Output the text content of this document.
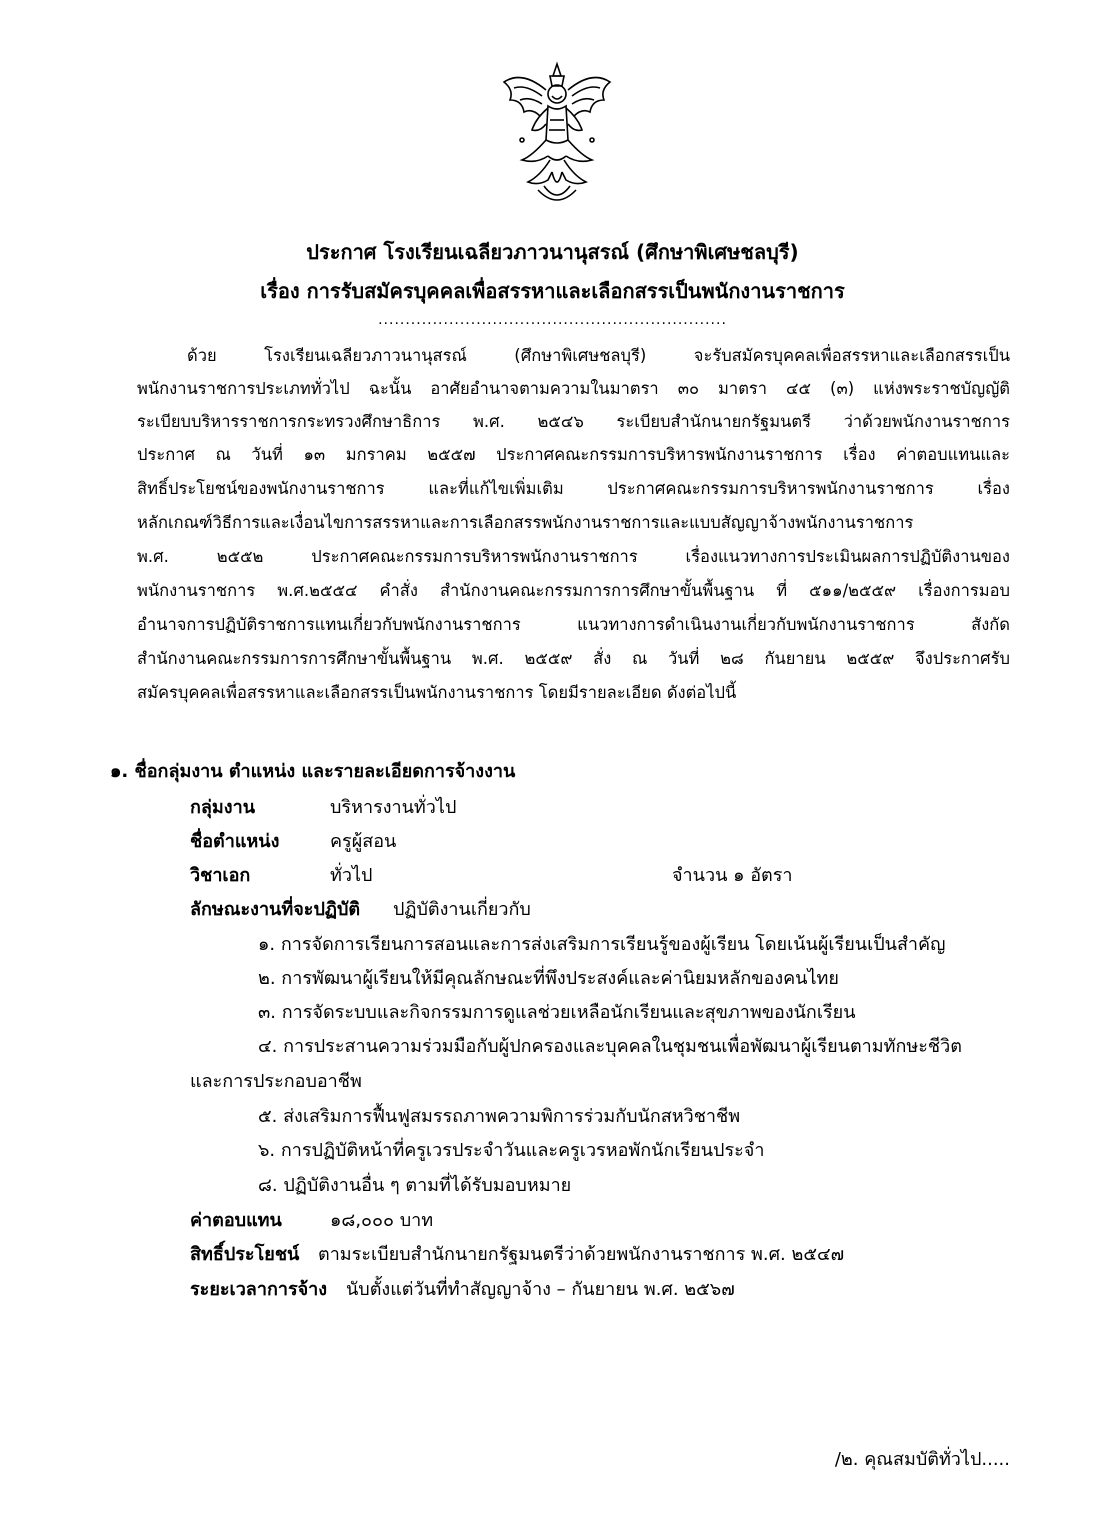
ประกาศ โรงเรียนเฉลียวภาวนานุสรณ์ (ศึกษาพิเศษชลบุรี)
เรื่อง การรับสมัครบุคคลเพื่อสรรหาและเลือกสรรเป็นพนักงานราชการ
................................................................
ด้วย โรงเรียนเฉลียวภาวนานุสรณ์ (ศึกษาพิเศษชลบุรี) จะรับสมัครบุคคลเพื่อสรรหาและเลือกสรรเป็น
พนักงานราชการประเภททั่วไป ฉะนั้น อาศัยอำนาจตามความในมาตรา ๓๐ มาตรา ๔๕ (๓) แห่งพระราชบัญญัติ
ระเบียบบริหารราชการกระทรวงศึกษาธิการ พ.ศ. ๒๕๔๖ ระเบียบสำนักนายกรัฐมนตรี ว่าด้วยพนักงานราชการ
ประกาศ ณ วันที่ ๑๓ มกราคม ๒๕๕๗ ประกาศคณะกรรมการบริหารพนักงานราชการ เรื่อง ค่าตอบแทนและ
สิทธิ์ประโยชน์ของพนักงานราชการ และที่แก้ไขเพิ่มเติม ประกาศคณะกรรมการบริหารพนักงานราชการ เรื่อง
หลักเกณฑ์วิธีการและเงื่อนไขการสรรหาและการเลือกสรรพนักงานราชการและแบบสัญญาจ้างพนักงานราชการ
พ.ศ. ๒๕๕๒ ประกาศคณะกรรมการบริหารพนักงานราชการ เรื่องแนวทางการประเมินผลการปฏิบัติงานของ
พนักงานราชการ พ.ศ.๒๕๕๔ คำสั่ง สำนักงานคณะกรรมการการศึกษาขั้นพื้นฐาน ที่ ๕๑๑/๒๕๕๙ เรื่องการมอบ
อำนาจการปฏิบัติราชการแทนเกี่ยวกับพนักงานราชการ แนวทางการดำเนินงานเกี่ยวกับพนักงานราชการ สังกัด
สำนักงานคณะกรรมการการศึกษาขั้นพื้นฐาน พ.ศ. ๒๕๕๙ สั่ง ณ วันที่ ๒๘ กันยายน ๒๕๕๙ จึงประกาศรับ
สมัครบุคคลเพื่อสรรหาและเลือกสรรเป็นพนักงานราชการ โดยมีรายละเอียด ดังต่อไปนี้
๑. ชื่อกลุ่มงาน ตำแหน่ง และรายละเอียดการจ้างงาน
กลุ่มงาน	บริหารงานทั่วไป
ชื่อตำแหน่ง	ครูผู้สอน
วิชาเอก	ทั่วไป	จำนวน ๑ อัตรา
ลักษณะงานที่จะปฏิบัติ ปฏิบัติงานเกี่ยวกับ
๑. การจัดการเรียนการสอนและการส่งเสริมการเรียนรู้ของผู้เรียน โดยเน้นผู้เรียนเป็นสำคัญ
๒. การพัฒนาผู้เรียนให้มีคุณลักษณะที่พึงประสงค์และค่านิยมหลักของคนไทย
๓. การจัดระบบและกิจกรรมการดูแลช่วยเหลือนักเรียนและสุขภาพของนักเรียน
๔. การประสานความร่วมมือกับผู้ปกครองและบุคคลในชุมชนเพื่อพัฒนาผู้เรียนตามทักษะชีวิต
และการประกอบอาชีพ
๕. ส่งเสริมการฟื้นฟูสมรรถภาพความพิการร่วมกับนักสหวิชาชีพ
๖. การปฏิบัติหน้าที่ครูเวรประจำวันและครูเวรหอพักนักเรียนประจำ
๘. ปฏิบัติงานอื่น ๆ ตามที่ได้รับมอบหมาย
ค่าตอบแทน	๑๘,๐๐๐ บาท
สิทธิ์ประโยชน์ ตามระเบียบสำนักนายกรัฐมนตรีว่าด้วยพนักงานราชการ พ.ศ. ๒๕๔๗
ระยะเวลาการจ้าง นับตั้งแต่วันที่ทำสัญญาจ้าง – กันยายน พ.ศ. ๒๕๖๗
/๒. คุณสมบัติทั่วไป.....
